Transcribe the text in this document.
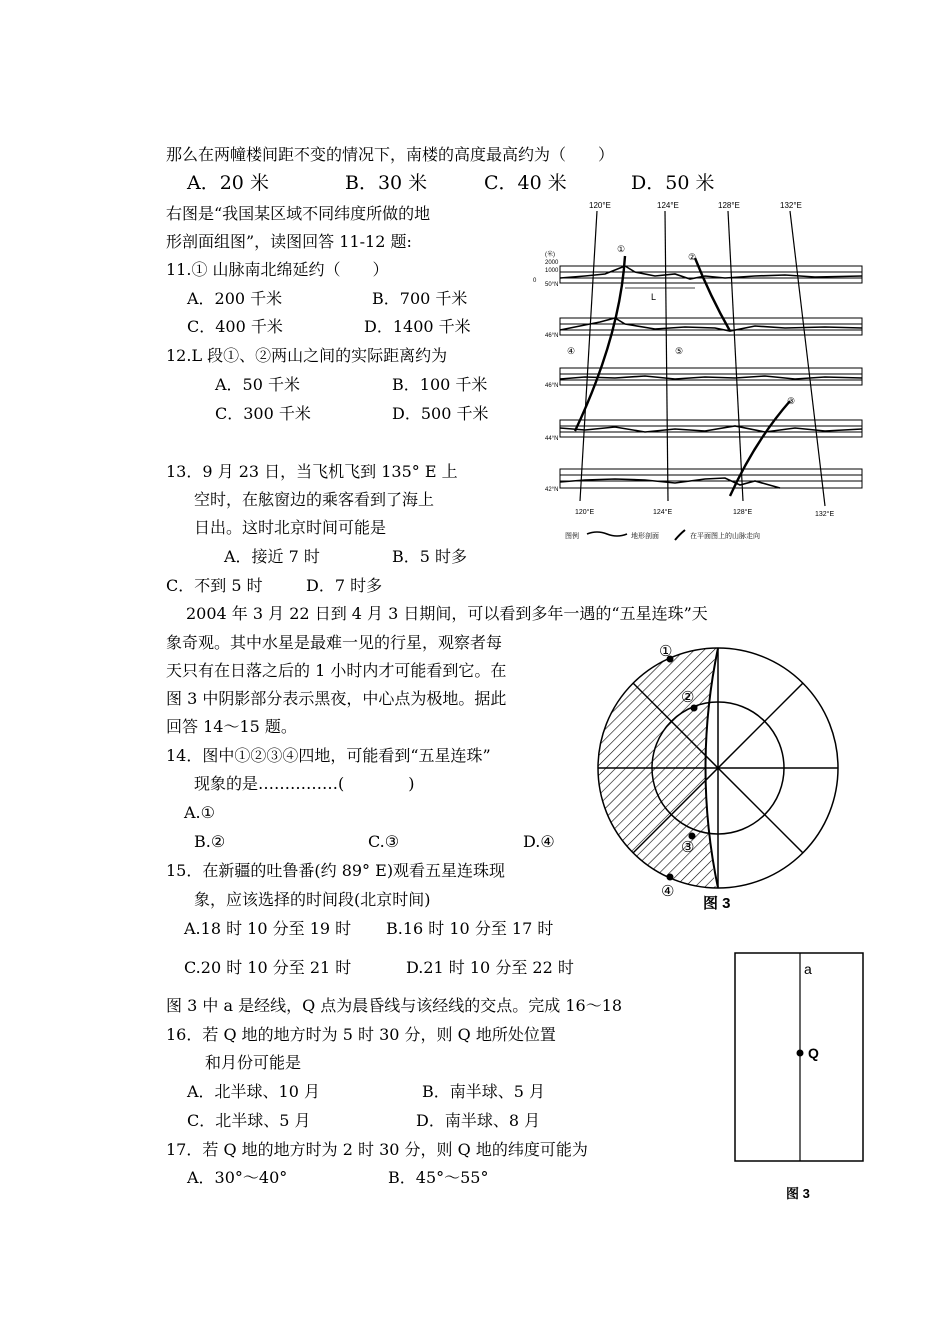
那么在两幢楼间距不变的情况下，南楼的高度最高约为（　　）
A．20 米	B．30 米	C．40 米	D．50 米
右图是“我国某区域不同纬度所做的地
形剖面组图”，读图回答 11-12 题:
11.① 山脉南北绵延约（　　）
A．200 千米	B．700 千米
C．400 千米	D．1400 千米
12.L 段①、②两山之间的实际距离约为
A．50 千米	B．100 千米
C．300 千米	D．500 千米
13．9 月 23 日，当飞机飞到 135° E 上
空时，在舷窗边的乘客看到了海上
日出。这时北京时间可能是
A．接近 7 时	B．5 时多
C．不到 5 时	D．7 时多
2004 年 3 月 22 日到 4 月 3 日期间，可以看到多年一遇的“五星连珠”天
象奇观。其中水星是最难一见的行星，观察者每
天只有在日落之后的 1 小时内才可能看到它。在
图 3 中阴影部分表示黑夜，中心点为极地。据此
回答 14～15 题。
14．图中①②③④四地，可能看到“五星连珠”
现象的是……………(　　　　)
A.①
B.②	C.③	D.④
15．在新疆的吐鲁番(约 89° E)观看五星连珠现
象，应该选择的时间段(北京时间)
A.18 时 10 分至 19 时 B.16 时 10 分至 17 时
C.20 时 10 分至 21 时	D.21 时 10 分至 22 时
图 3 中 a 是经线，Q 点为晨昏线与该经线的交点。完成 16～18
16．若 Q 地的地方时为 5 时 30 分，则 Q 地所处位置
和月份可能是
A．北半球、10 月	B．南半球、5 月
C．北半球、5 月	D．南半球、8 月
17．若 Q 地的地方时为 2 时 30 分，则 Q 地的纬度可能为
A．30°～40°	B．45°～55°
120°E	124°E	128°E	132°E
(米)
2000
1000
0
50°N
46°N
46°N
44°N
42°N
①
②
④	⑤
③
L
120°E	124°E	128°E	132°E
图例	地形剖面	在平面图上的山脉走向
①
②
③
④
图 3
a
Q
图 3
